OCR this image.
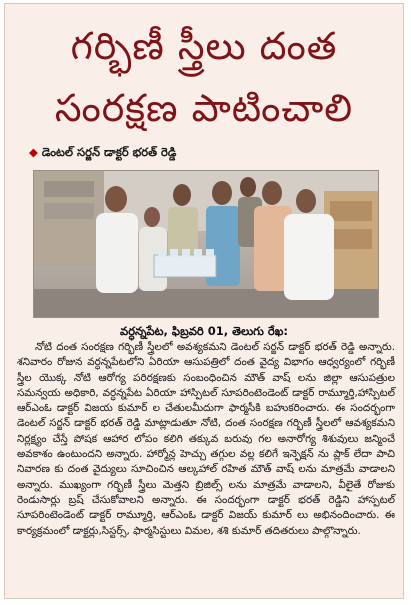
గర్భిణీ స్త్రీలు దంత
సంరక్షణ పాటించాలి
◆ డెంటల్ సర్జన్ డాక్టర్ భరత్ రెడ్డి
వర్ధన్నపేట, ఫిబ్రవరి 01, తెలుగు రేఖ:
నోటి దంత సంరక్షణ గర్భిణీ స్త్రీలలో అవశ్యకమని డెంటల్ సర్జన్ డాక్టర్ భరత్ రెడ్డి అన్నారు. శనివారం రోజున వర్ధన్నపేటలోని ఏరియా ఆసుపత్రిలో దంత వైద్య విభాగం ఆధ్వర్యంలో గర్భిణీ స్త్రీల యొక్క నోటి ఆరోగ్య పరిరక్షణకు సంబంధించిన మౌత్ వాష్ లను జిల్లా ఆసుపత్రుల సమన్వయ అధికారి, వర్ధన్నపేట ఏరియా హాస్పిటల్ సూపరింటెండెంట్ డాక్టర్ రామ్మూర్తి,హాస్పిటల్ ఆర్ఎంఓ డాక్టర్ విజయ కుమార్ ల చేతులమీదుగా ఫార్మసీకి బహుకరించారు. ఈ సందర్భంగా డెంటల్ సర్జన్ డాక్టర్ భరత్ రెడ్డి మాట్లాడుతూ నోటి, దంత సంరక్షణ గర్భిణీ స్త్రీలలో ఆవశ్యకమని నిర్లక్ష్యం చేస్తే పోషక ఆహార లోపం కలిగి తక్కువ బరువు గల అనారోగ్య శిశువులు జన్మించే అవకాశం ఉంటుందని అన్నారు. హార్మోన్ల హెచ్చు తగ్గుల వల్ల కలిగే ఇన్ఫెక్షన్ ను ప్లాక్ లేదా పాచి నివారణ కు దంత వైద్యులు సూచించిన ఆల్కహాల్ రహిత మౌత్ వాష్ లను మాత్రమే వాడాలని అన్నారు. ముఖ్యంగా గర్భిణీ స్త్రీలు మెత్తని బ్రిజిల్స్ లను మాత్రమే వాడాలని, వీలైతే రోజుకు రెండుసార్లు బ్రష్ చేసుకోవాలని అన్నారు. ఈ సందర్భంగా డాక్టర్ భరత్ రెడ్డిని హాస్పటల్ సూపరింటెండెంట్ డాక్టర్ రామ్మూర్తి, ఆర్ఎంఓ డాక్టర్ విజయ్ కుమార్ లు అభినందించారు. ఈ కార్యక్రమంలో డాక్టర్లు,సిస్టర్స్, ఫార్మసిస్టులు విమల, శశి కుమార్ తదితరులు పాల్గొన్నారు.
